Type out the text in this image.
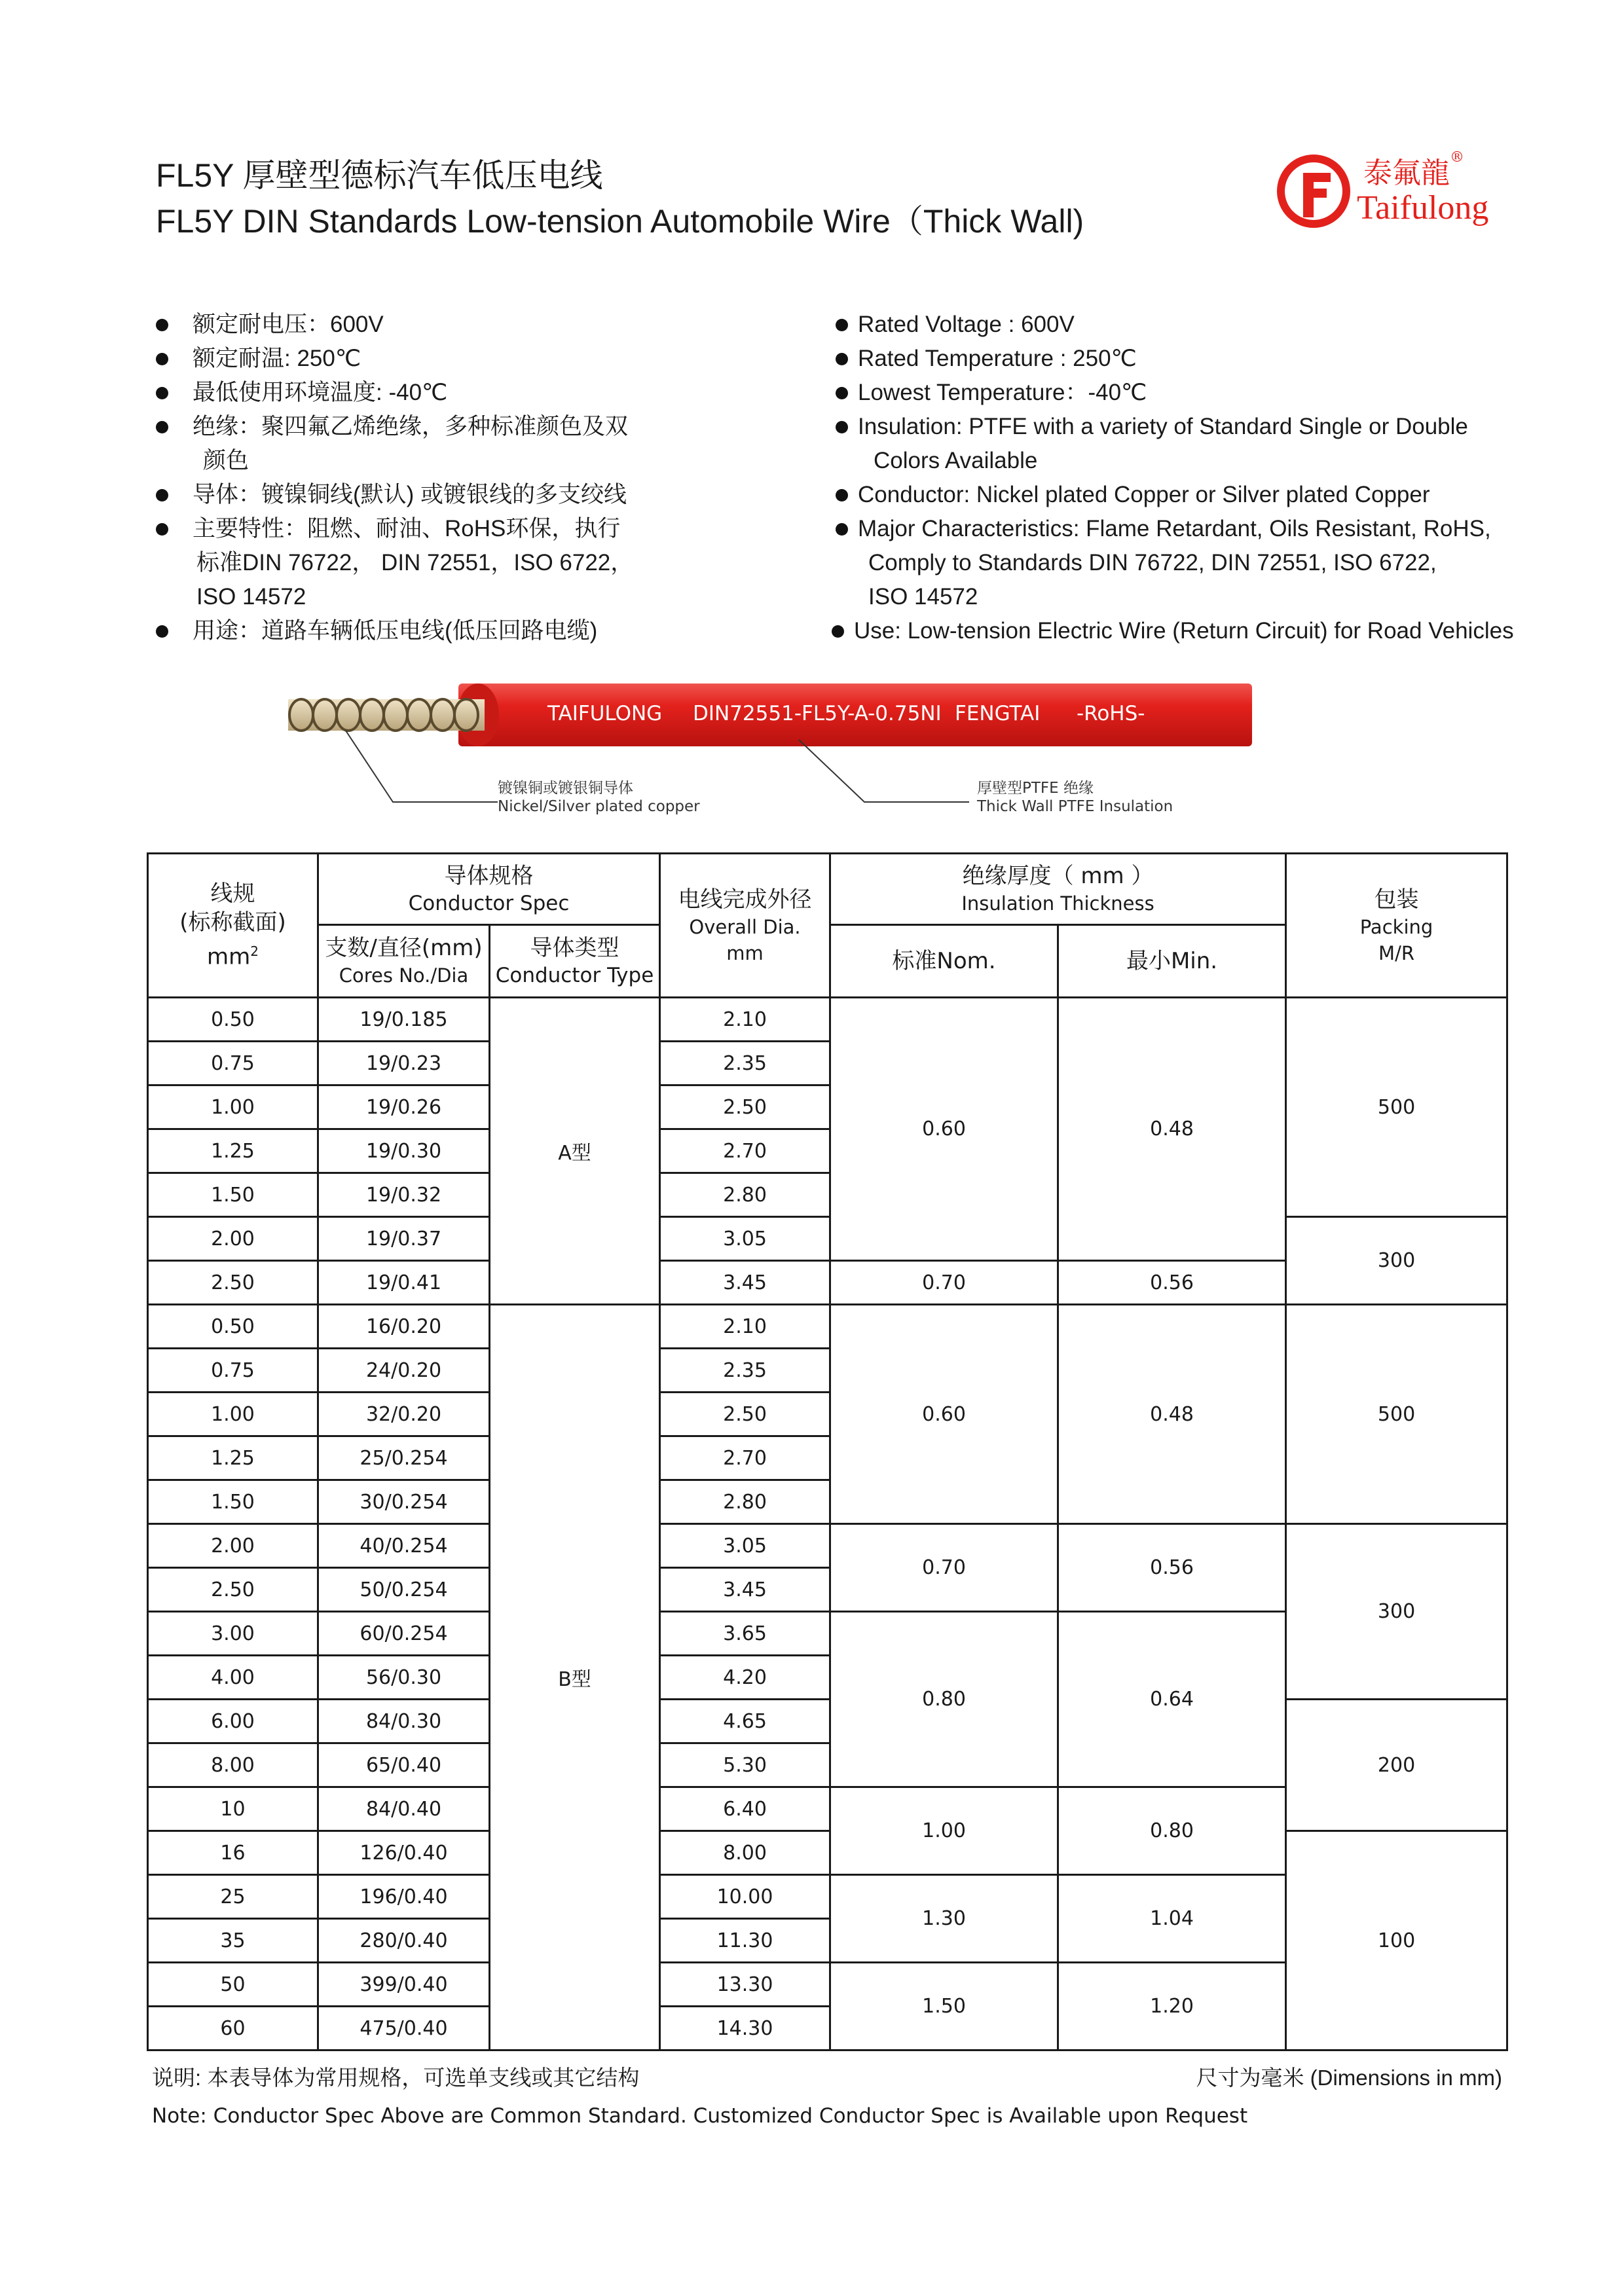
FL5Y 厚壁型德标汽车低压电线
FL5Y DIN Standards Low-tension Automobile Wire（Thick Wall)
泰氟龍®
Taifulong
额定耐电压：600V
额定耐温: 250℃
最低使用环境温度: -40℃
绝缘：聚四氟乙烯绝缘，多种标准颜色及双
颜色
导体：镀镍铜线(默认) 或镀银线的多支绞线
主要特性：阻燃、耐油、RoHS环保，执行
标准DIN 76722， DIN 72551，ISO 6722，
ISO 14572
用途：道路车辆低压电线(低压回路电缆)
Rated Voltage : 600V
Rated Temperature : 250℃
Lowest Temperature：-40℃
Insulation: PTFE with a variety of Standard Single or Double
Colors Available
Conductor: Nickel plated Copper or Silver plated Copper
Major Characteristics: Flame Retardant, Oils Resistant, RoHS,
Comply to Standards DIN 76722, DIN 72551, ISO 6722,
ISO 14572
Use: Low-tension Electric Wire (Return Circuit) for Road Vehicles
TAIFULONG DIN72551-FL5Y-A-0.75NI FENGTAI -RoHS-
镀镍铜或镀银铜导体
Nickel/Silver plated copper
厚壁型PTFE 绝缘
Thick Wall PTFE Insulation
线规
(标称截面)
$mm^2$	导体规格
Conductor Spec		电线完成外径
Overall Dia.
mm	绝缘厚度（ mm ）
Insulation Thickness		包装
Packing
M/R

	支数/直径(mm)
Cores No./Dia	导体类型
Conductor Type		标准Nom.	最小Min.	

0.50	19/0.185	A型	2.10	0.60	0.48	500
0.75	19/0.23		2.35			
1.00	19/0.26		2.50			
1.25	19/0.30		2.70			
1.50	19/0.32		2.80			
2.00	19/0.37		3.05			300
2.50	19/0.41		3.45	0.70	0.56	
0.50	16/0.20	B型	2.10	0.60	0.48	500
0.75	24/0.20		2.35			
1.00	32/0.20		2.50			
1.25	25/0.254		2.70			
1.50	30/0.254		2.80			
2.00	40/0.254		3.05	0.70	0.56	300
2.50	50/0.254		3.45			
3.00	60/0.254		3.65	0.80	0.64	
4.00	56/0.30		4.20			
6.00	84/0.30		4.65			200
8.00	65/0.40		5.30			
10	84/0.40		6.40	1.00	0.80	
16	126/0.40		8.00			100
25	196/0.40		10.00	1.30	1.04	
35	280/0.40		11.30			
50	399/0.40		13.30	1.50	1.20	
60	475/0.40		14.30			
说明: 本表导体为常用规格，可选单支线或其它结构	尺寸为毫米 (Dimensions in mm)
Note: Conductor Spec Above are Common Standard. Customized Conductor Spec is Available upon Request
